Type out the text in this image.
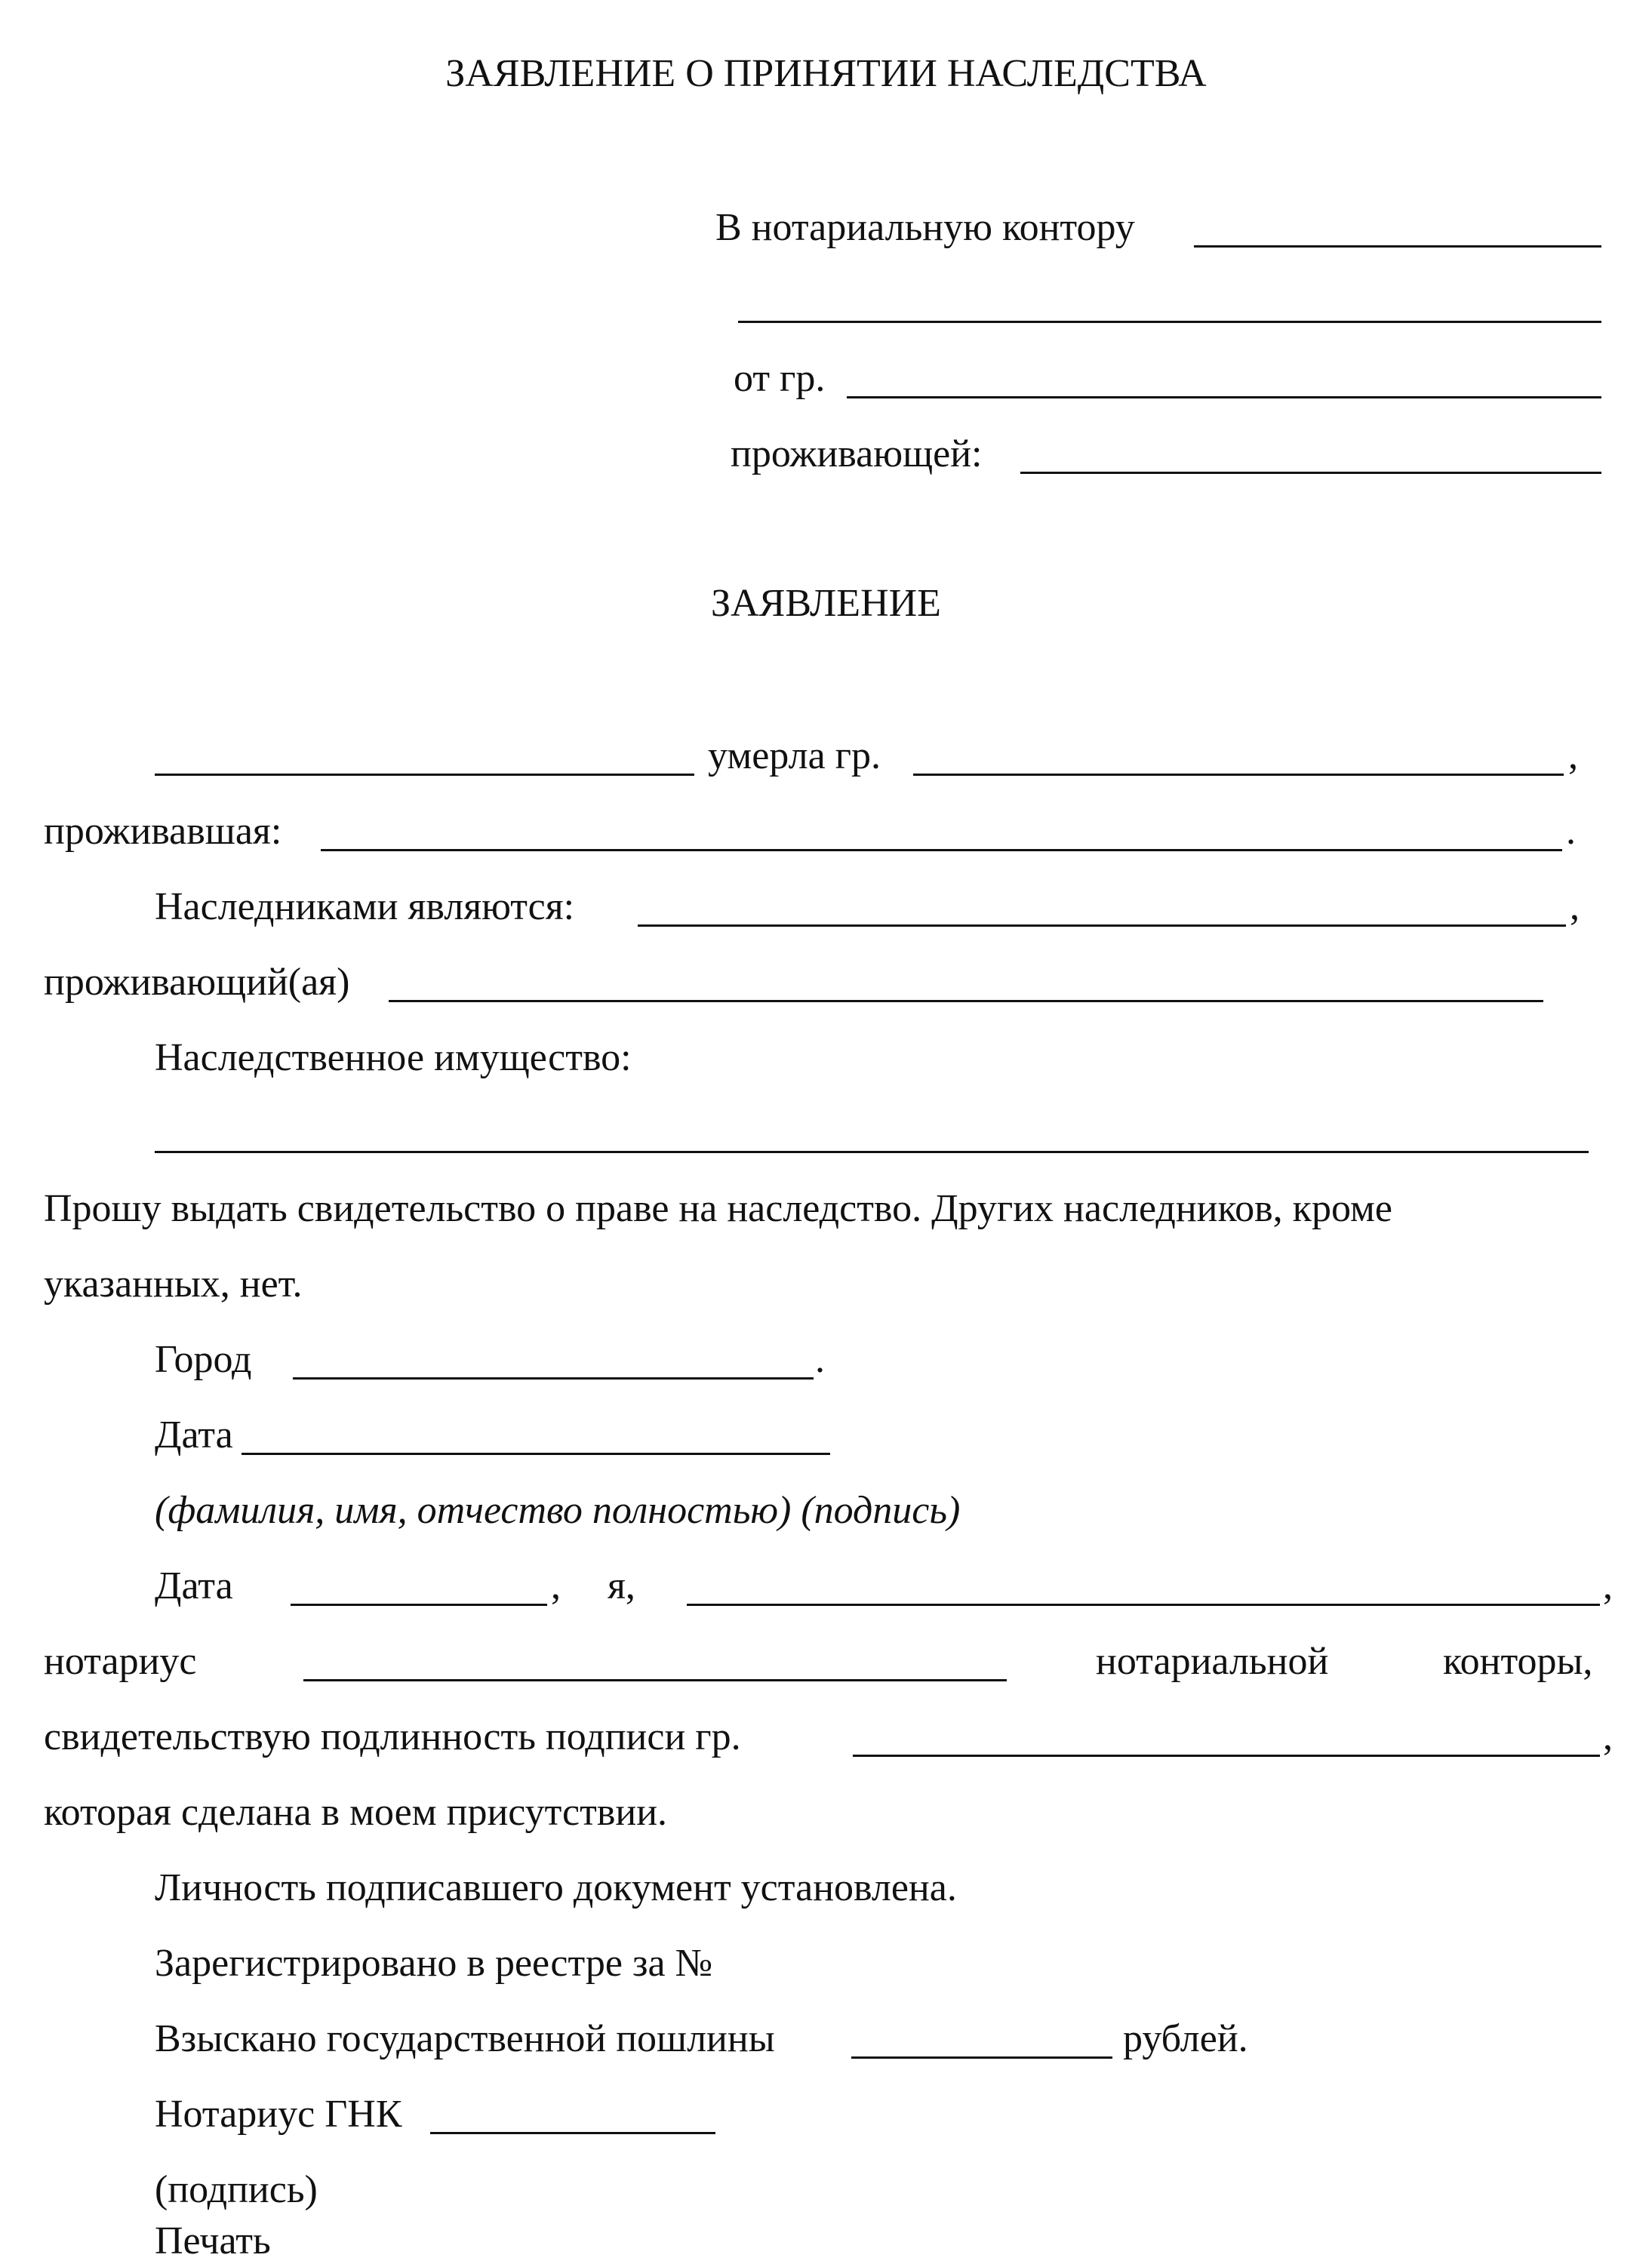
ЗАЯВЛЕНИЕ О ПРИНЯТИИ НАСЛЕДСТВА
В нотариальную контору
от гр.
проживающей:
ЗАЯВЛЕНИЕ
умерла гр.	,
проживавшая:	.
Наследниками являются:	,
проживающий(ая)
Наследственное имущество:
Прошу выдать свидетельство о праве на наследство. Других наследников, кроме
указанных, нет.
Город	.
Дата
(фамилия, имя, отчество полностью) (подпись)
Дата	, я,	,
нотариус	нотариальной	конторы,
свидетельствую подлинность подписи гр.	,
которая сделана в моем присутствии.
Личность подписавшего документ установлена.
Зарегистрировано в реестре за №
Взыскано государственной пошлины	рублей.
Нотариус ГНК
(подпись)
Печать
